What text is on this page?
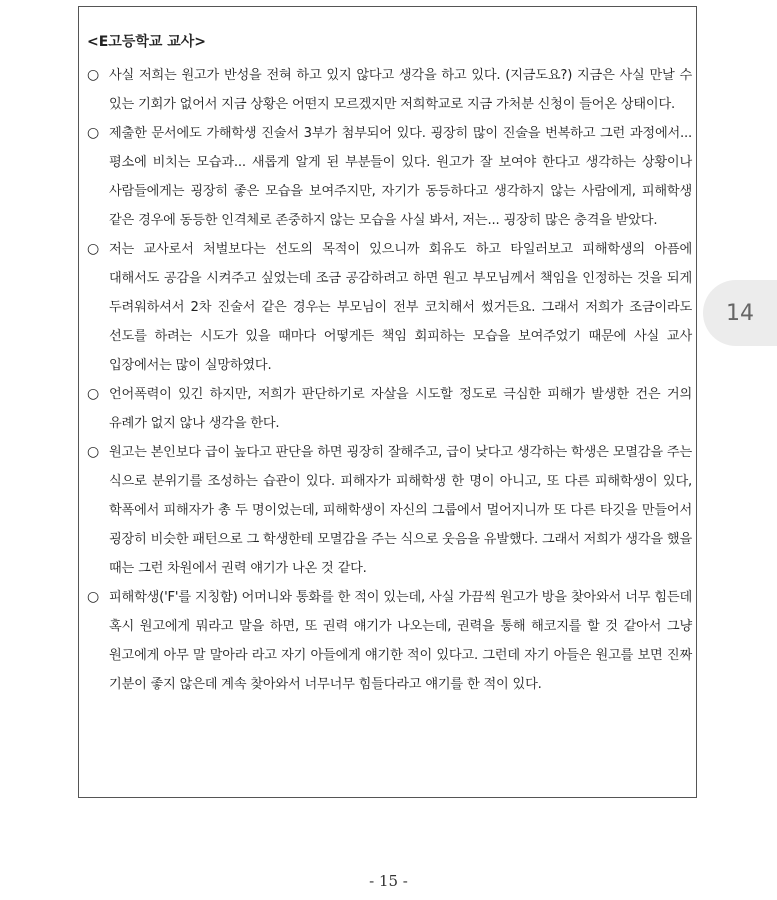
<E고등학교 교사>
○ 사실 저희는 원고가 반성을 전혀 하고 있지 않다고 생각을 하고 있다. (지금도요?) 지금은 사실 만날 수 있는 기회가 없어서 지금 상황은 어떤지 모르겠지만 저희학교로 지금 가처분 신청이 들어온 상태이다.
○ 제출한 문서에도 가해학생 진술서 3부가 첨부되어 있다. 굉장히 많이 진술을 번복하고 그런 과정에서... 평소에 비치는 모습과... 새롭게 알게 된 부분들이 있다. 원고가 잘 보여야 한다고 생각하는 상황이나 사람들에게는 굉장히 좋은 모습을 보여주지만, 자기가 동등하다고 생각하지 않는 사람에게, 피해학생 같은 경우에 동등한 인격체로 존중하지 않는 모습을 사실 봐서, 저는... 굉장히 많은 충격을 받았다.
○ 저는 교사로서 처벌보다는 선도의 목적이 있으니까 회유도 하고 타일러보고 피해학생의 아픔에 대해서도 공감을 시켜주고 싶었는데 조금 공감하려고 하면 원고 부모님께서 책임을 인정하는 것을 되게 두려워하셔서 2차 진술서 같은 경우는 부모님이 전부 코치해서 썼거든요. 그래서 저희가 조금이라도 선도를 하려는 시도가 있을 때마다 어떻게든 책임 회피하는 모습을 보여주었기 때문에 사실 교사 입장에서는 많이 실망하였다.
○ 언어폭력이 있긴 하지만, 저희가 판단하기로 자살을 시도할 정도로 극심한 피해가 발생한 건은 거의 유례가 없지 않나 생각을 한다.
○ 원고는 본인보다 급이 높다고 판단을 하면 굉장히 잘해주고, 급이 낮다고 생각하는 학생은 모멸감을 주는 식으로 분위기를 조성하는 습관이 있다. 피해자가 피해학생 한 명이 아니고, 또 다른 피해학생이 있다, 학폭에서 피해자가 총 두 명이었는데, 피해학생이 자신의 그룹에서 멀어지니까 또 다른 타깃을 만들어서 굉장히 비슷한 패턴으로 그 학생한테 모멸감을 주는 식으로 웃음을 유발했다. 그래서 저희가 생각을 했을 때는 그런 차원에서 권력 얘기가 나온 것 같다.
○ 피해학생('F'를 지칭함) 어머니와 통화를 한 적이 있는데, 사실 가끔씩 원고가 방을 찾아와서 너무 힘든데 혹시 원고에게 뭐라고 말을 하면, 또 권력 얘기가 나오는데, 권력을 통해 해코지를 할 것 같아서 그냥 원고에게 아무 말 말아라 라고 자기 아들에게 얘기한 적이 있다고. 그런데 자기 아들은 원고를 보면 진짜 기분이 좋지 않은데 계속 찾아와서 너무너무 힘들다라고 얘기를 한 적이 있다.
14
- 15 -
